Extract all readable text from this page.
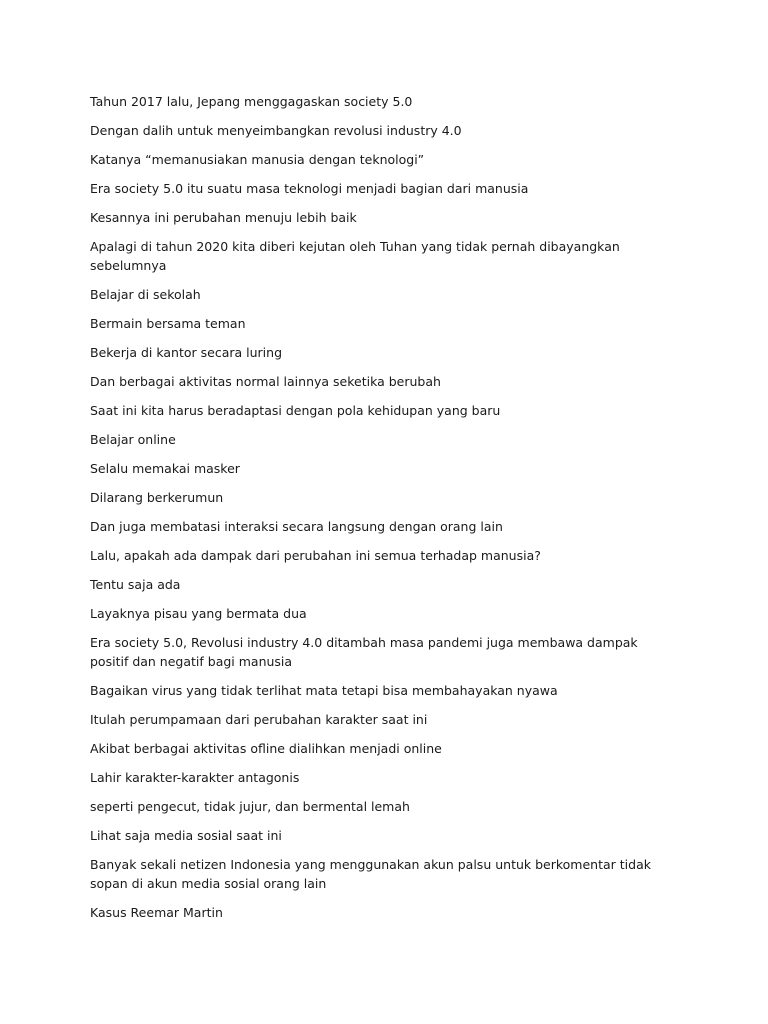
Tahun 2017 lalu, Jepang menggagaskan society 5.0

Dengan dalih untuk menyeimbangkan revolusi industry 4.0

Katanya “memanusiakan manusia dengan teknologi”

Era society 5.0 itu suatu masa teknologi menjadi bagian dari manusia

Kesannya ini perubahan menuju lebih baik

Apalagi di tahun 2020 kita diberi kejutan oleh Tuhan yang tidak pernah dibayangkan sebelumnya

Belajar di sekolah

Bermain bersama teman

Bekerja di kantor secara luring

Dan berbagai aktivitas normal lainnya seketika berubah

Saat ini kita harus beradaptasi dengan pola kehidupan yang baru

Belajar online

Selalu memakai masker

Dilarang berkerumun

Dan juga membatasi interaksi secara langsung dengan orang lain

Lalu, apakah ada dampak dari perubahan ini semua terhadap manusia?

Tentu saja ada

Layaknya pisau yang bermata dua

Era society 5.0, Revolusi industry 4.0 ditambah masa pandemi juga membawa dampak positif dan negatif bagi manusia

Bagaikan virus yang tidak terlihat mata tetapi bisa membahayakan nyawa

Itulah perumpamaan dari perubahan karakter saat ini

Akibat berbagai aktivitas ofline dialihkan menjadi online

Lahir karakter-karakter antagonis

seperti pengecut, tidak jujur, dan bermental lemah

Lihat saja media sosial saat ini

Banyak sekali netizen Indonesia yang menggunakan akun palsu untuk berkomentar tidak sopan di akun media sosial orang lain

Kasus Reemar Martin
